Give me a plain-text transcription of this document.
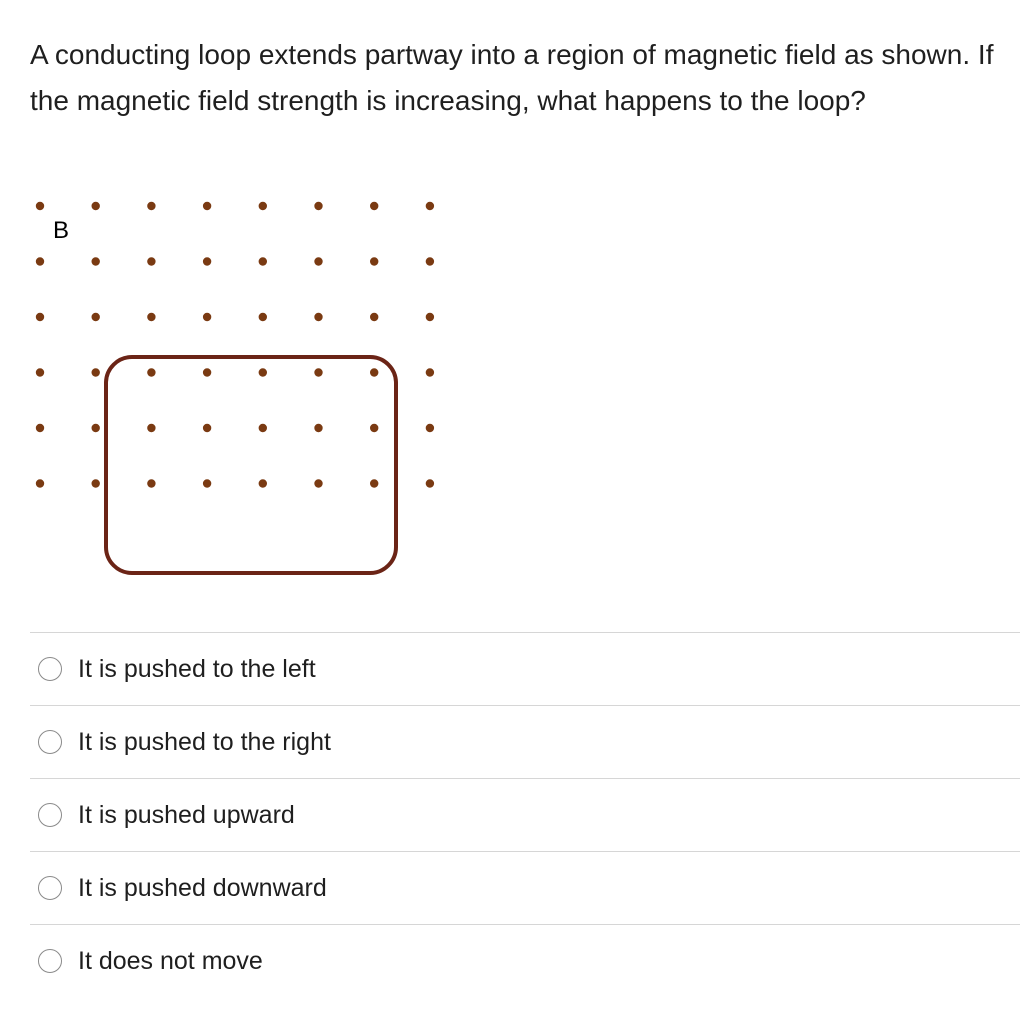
A conducting loop extends partway into a region of magnetic field as shown. If the magnetic field strength is increasing, what happens to the loop?
B
It is pushed to the left
It is pushed to the right
It is pushed upward
It is pushed downward
It does not move
